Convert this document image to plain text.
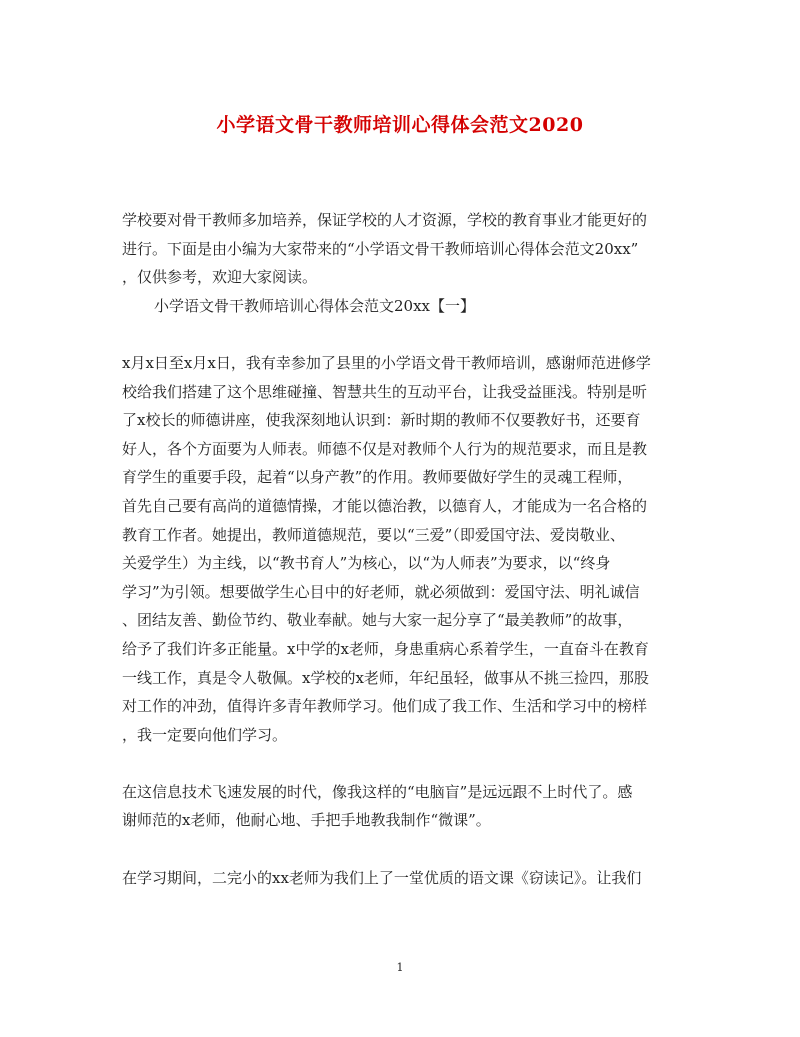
小学语文骨干教师培训心得体会范文2020
学校要对骨干教师多加培养，保证学校的人才资源，学校的教育事业才能更好的
进行。下面是由小编为大家带来的“小学语文骨干教师培训心得体会范文20xx”
，仅供参考，欢迎大家阅读。
小学语文骨干教师培训心得体会范文20xx【一】
x月x日至x月x日，我有幸参加了县里的小学语文骨干教师培训，感谢师范进修学
校给我们搭建了这个思维碰撞、智慧共生的互动平台，让我受益匪浅。特别是听
了x校长的师德讲座，使我深刻地认识到：新时期的教师不仅要教好书，还要育
好人，各个方面要为人师表。师德不仅是对教师个人行为的规范要求，而且是教
育学生的重要手段，起着“以身产教”的作用。教师要做好学生的灵魂工程师，
首先自己要有高尚的道德情操，才能以德治教，以德育人，才能成为一名合格的
教育工作者。她提出，教师道德规范，要以“三爱”（即爱国守法、爱岗敬业、
关爱学生）为主线，以“教书育人”为核心，以“为人师表”为要求，以“终身
学习”为引领。想要做学生心目中的好老师，就必须做到：爱国守法、明礼诚信
、团结友善、勤俭节约、敬业奉献。她与大家一起分享了“最美教师”的故事，
给予了我们许多正能量。x中学的x老师，身患重病心系着学生，一直奋斗在教育
一线工作，真是令人敬佩。x学校的x老师，年纪虽轻，做事从不挑三捡四，那股
对工作的冲劲，值得许多青年教师学习。他们成了我工作、生活和学习中的榜样
，我一定要向他们学习。
在这信息技术飞速发展的时代，像我这样的“电脑盲”是远远跟不上时代了。感
谢师范的x老师，他耐心地、手把手地教我制作“微课”。
在学习期间，二完小的xx老师为我们上了一堂优质的语文课《窃读记》。让我们
1
